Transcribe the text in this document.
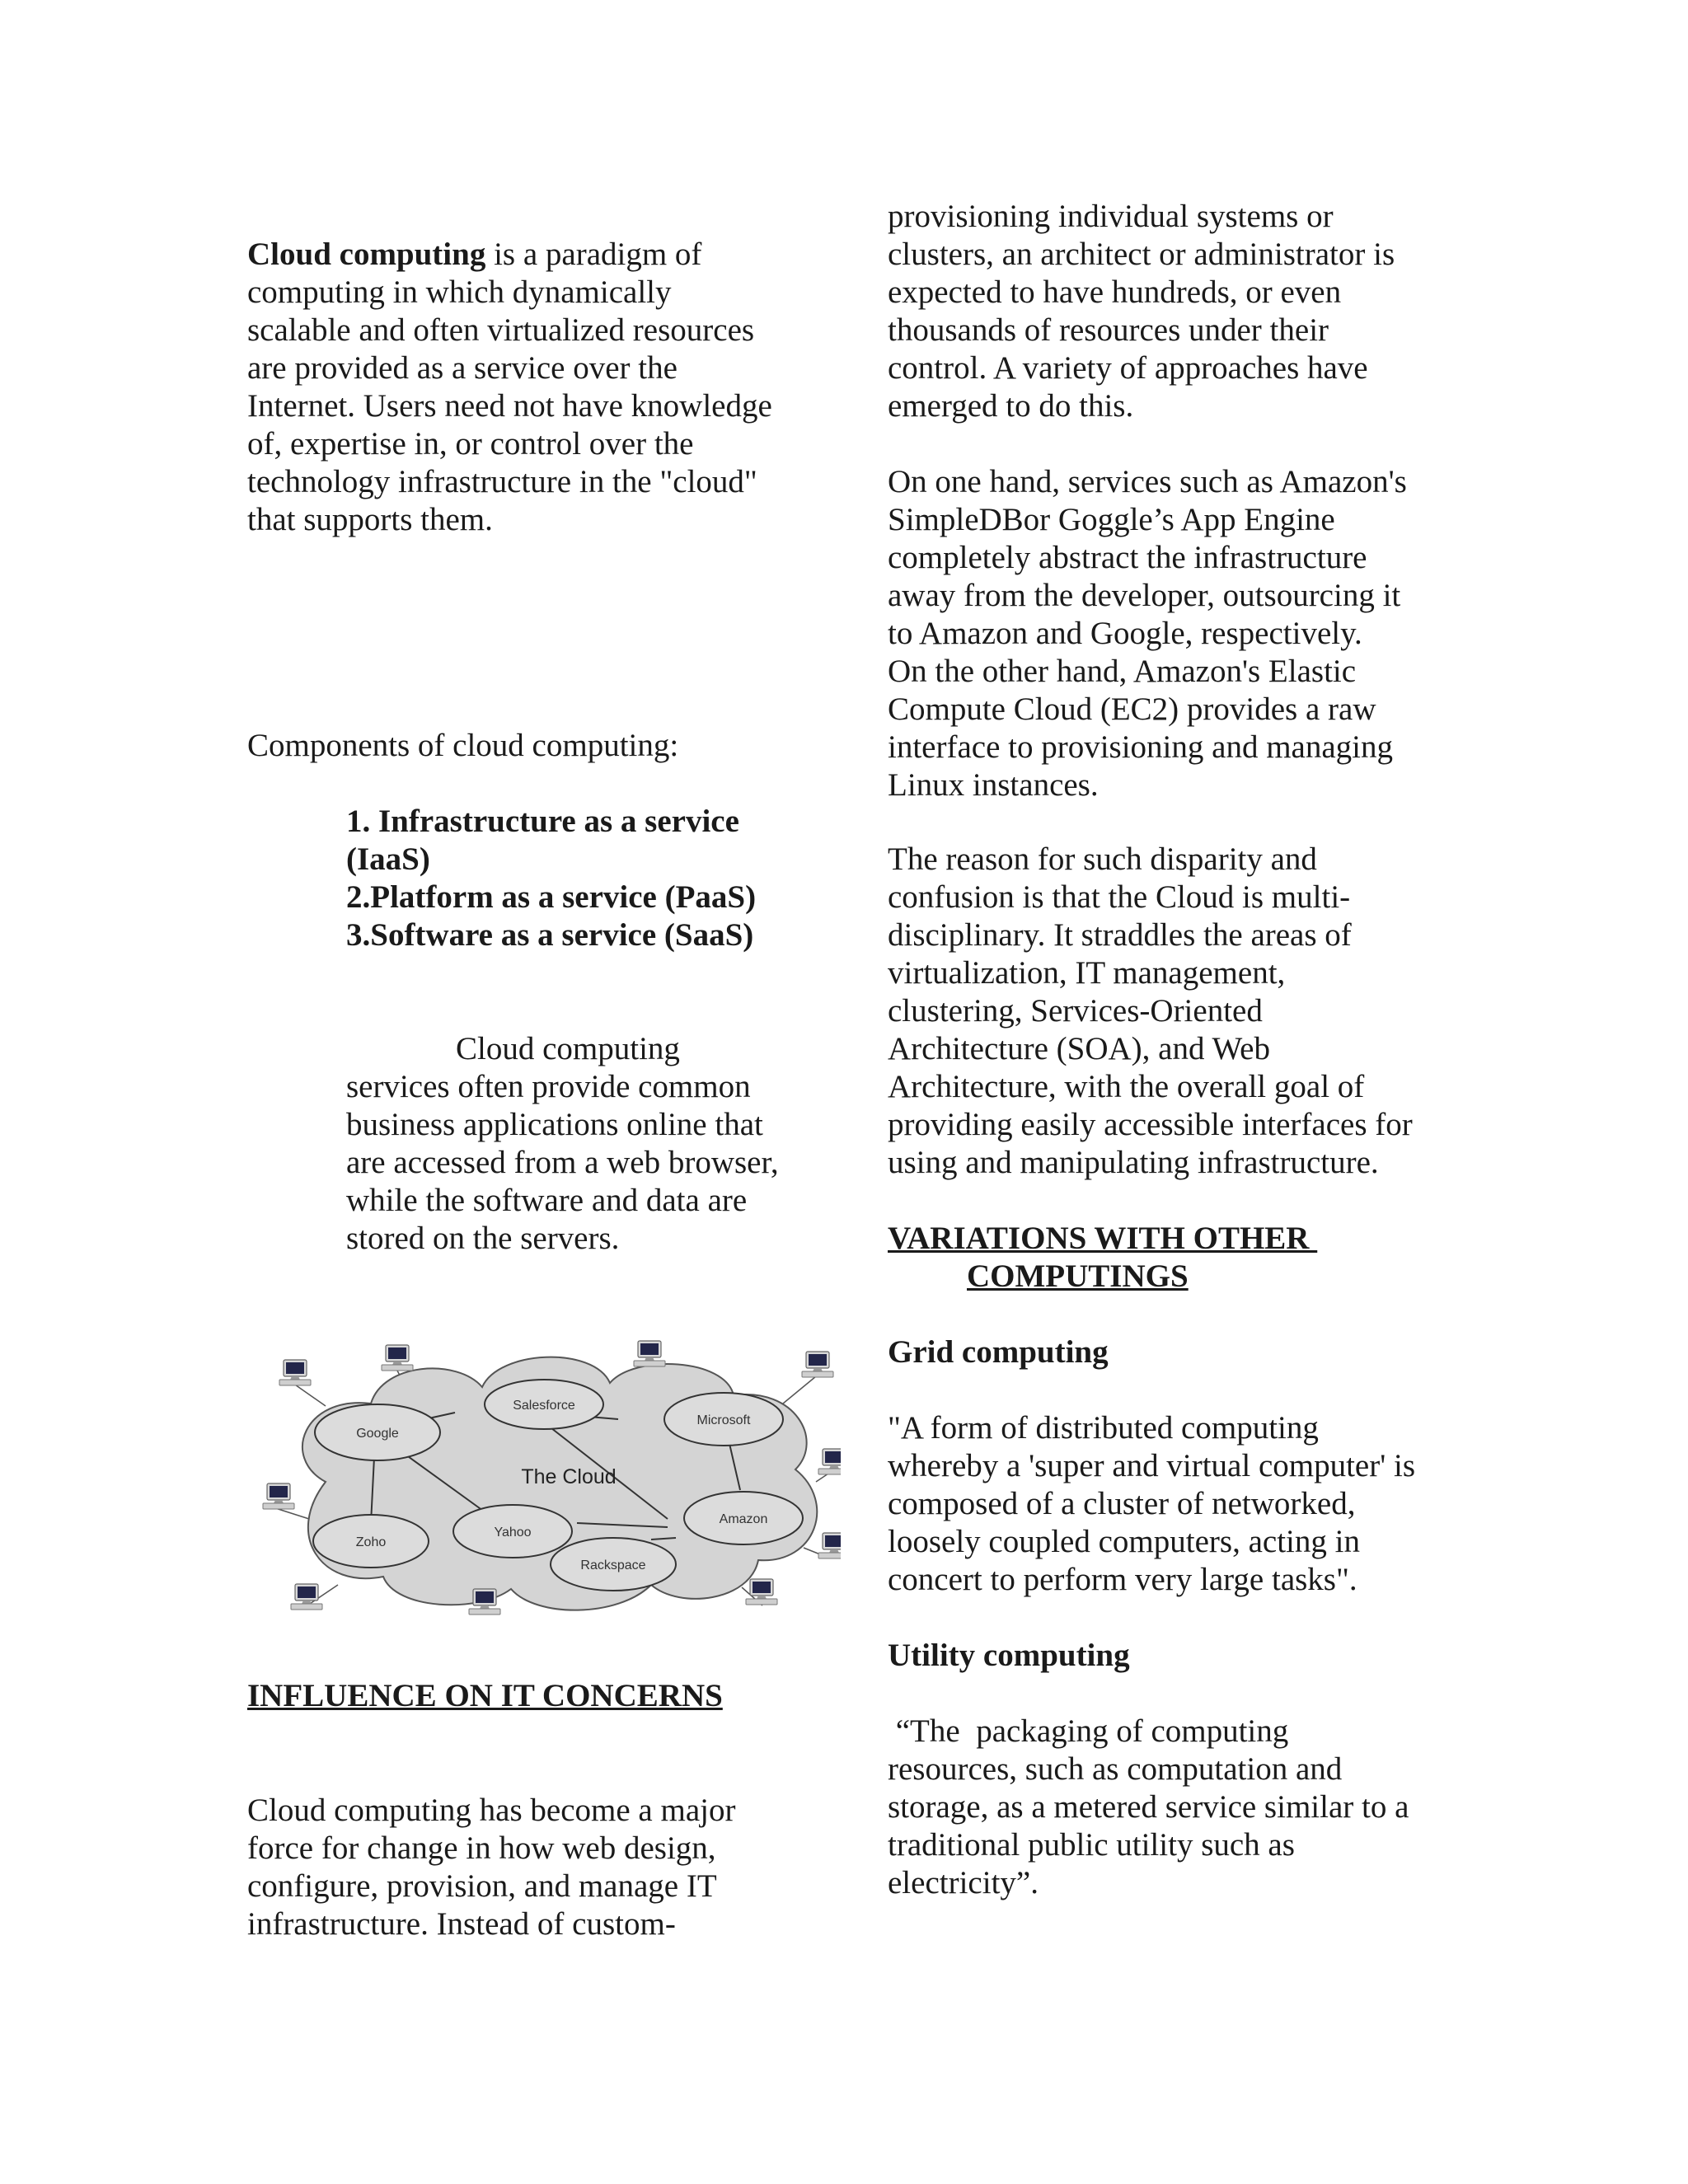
Cloud computing is a paradigm of
computing in which dynamically
scalable and often virtualized resources
are provided as a service over the
Internet. Users need not have knowledge
of, expertise in, or control over the
technology infrastructure in the "cloud"
that supports them.

Components of cloud computing:

1. Infrastructure as a service
(IaaS)
2.Platform as a service (PaaS)
3.Software as a service (SaaS)

Cloud computing
services often provide common
business applications online that
are accessed from a web browser,
while the software and data are
stored on the servers.

INFLUENCE ON IT CONCERNS

Cloud computing has become a major
force for change in how web design,
configure, provision, and manage IT
infrastructure. Instead of custom-

Google
Salesforce
Microsoft
Amazon
Rackspace
Yahoo
Zoho
The Cloud

provisioning individual systems or
clusters, an architect or administrator is
expected to have hundreds, or even
thousands of resources under their
control. A variety of approaches have
emerged to do this.

On one hand, services such as Amazon's
SimpleDBor Goggle’s App Engine
completely abstract the infrastructure
away from the developer, outsourcing it
to Amazon and Google, respectively.
On the other hand, Amazon's Elastic
Compute Cloud (EC2) provides a raw
interface to provisioning and managing
Linux instances.

The reason for such disparity and
confusion is that the Cloud is multi-
disciplinary. It straddles the areas of
virtualization, IT management,
clustering, Services-Oriented
Architecture (SOA), and Web
Architecture, with the overall goal of
providing easily accessible interfaces for
using and manipulating infrastructure.

VARIATIONS WITH OTHER
COMPUTINGS

Grid computing

"A form of distributed computing
whereby a 'super and virtual computer' is
composed of a cluster of networked,
loosely coupled computers, acting in
concert to perform very large tasks".

Utility computing

“The  packaging of computing
resources, such as computation and
storage, as a metered service similar to a
traditional public utility such as
electricity”.
